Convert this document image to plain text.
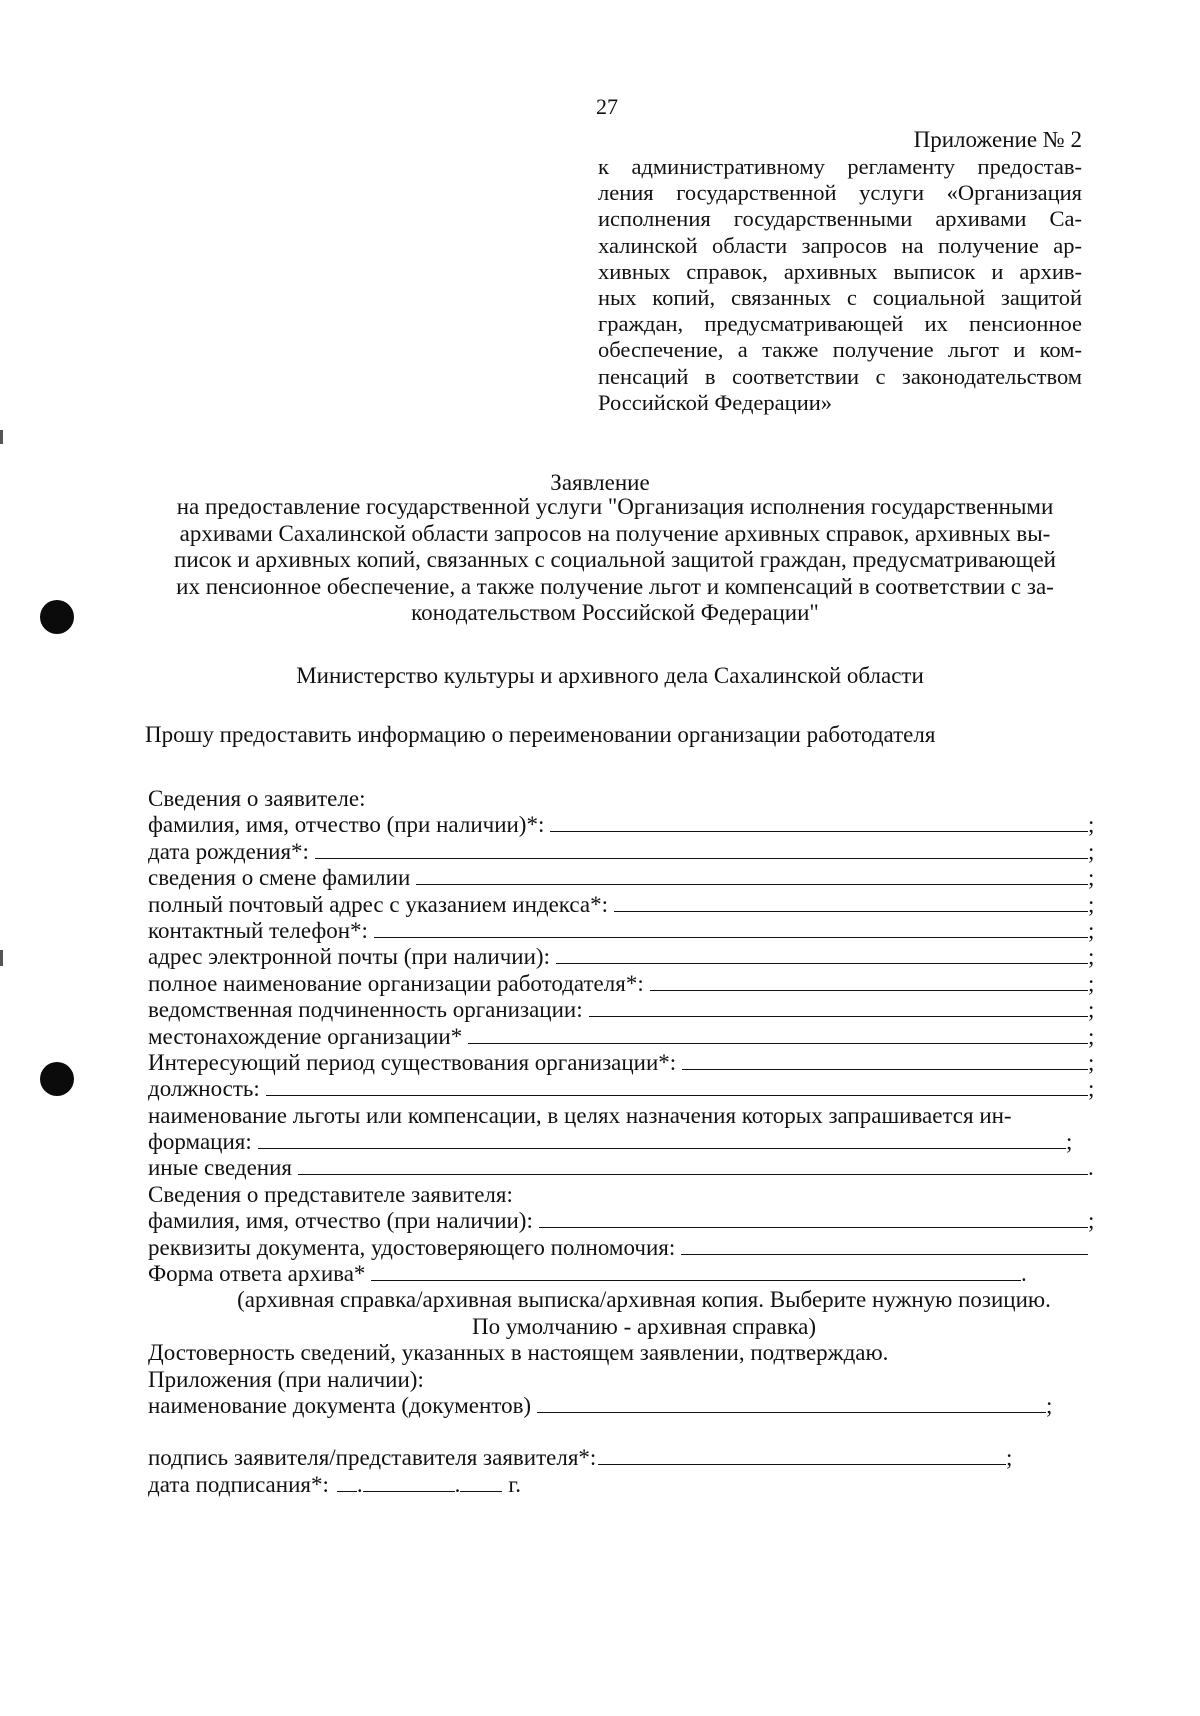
27
Приложение № 2
к административному регламенту предостав-
ления государственной услуги «Организация
исполнения государственными архивами Са-
халинской области запросов на получение ар-
хивных справок, архивных выписок и архив-
ных копий, связанных с социальной защитой
граждан, предусматривающей их пенсионное
обеспечение, а также получение льгот и ком-
пенсаций в соответствии с законодательством
Российской Федерации»
Заявление
на предоставление государственной услуги "Организация исполнения государственными
архивами Сахалинской области запросов на получение архивных справок, архивных вы-
писок и архивных копий, связанных с социальной защитой граждан, предусматривающей
их пенсионное обеспечение, а также получение льгот и компенсаций в соответствии с за-
конодательством Российской Федерации"
Министерство культуры и архивного дела Сахалинской области
Прошу предоставить информацию о переименовании организации работодателя
Сведения о заявителе:
фамилия, имя, отчество (при наличии)*:	;
дата рождения*:	;
сведения о смене фамилии	;
полный почтовый адрес с указанием индекса*:	;
контактный телефон*:	;
адрес электронной почты (при наличии):	;
полное наименование организации работодателя*:	;
ведомственная подчиненность организации:	;
местонахождение организации*	;
Интересующий период существования организации*:	;
должность:	;
наименование льготы или компенсации, в целях назначения которых запрашивается ин-
формация:	;
иные сведения	.
Сведения о представителе заявителя:
фамилия, имя, отчество (при наличии):	;
реквизиты документа, удостоверяющего полномочия:
Форма ответа архива*	.
(архивная справка/архивная выписка/архивная копия. Выберите нужную позицию.
По умолчанию - архивная справка)
Достоверность сведений, указанных в настоящем заявлении, подтверждаю.
Приложения (при наличии):
наименование документа (документов)	;
подпись заявителя/представителя заявителя*:	;
дата подписания*: .	. г.
